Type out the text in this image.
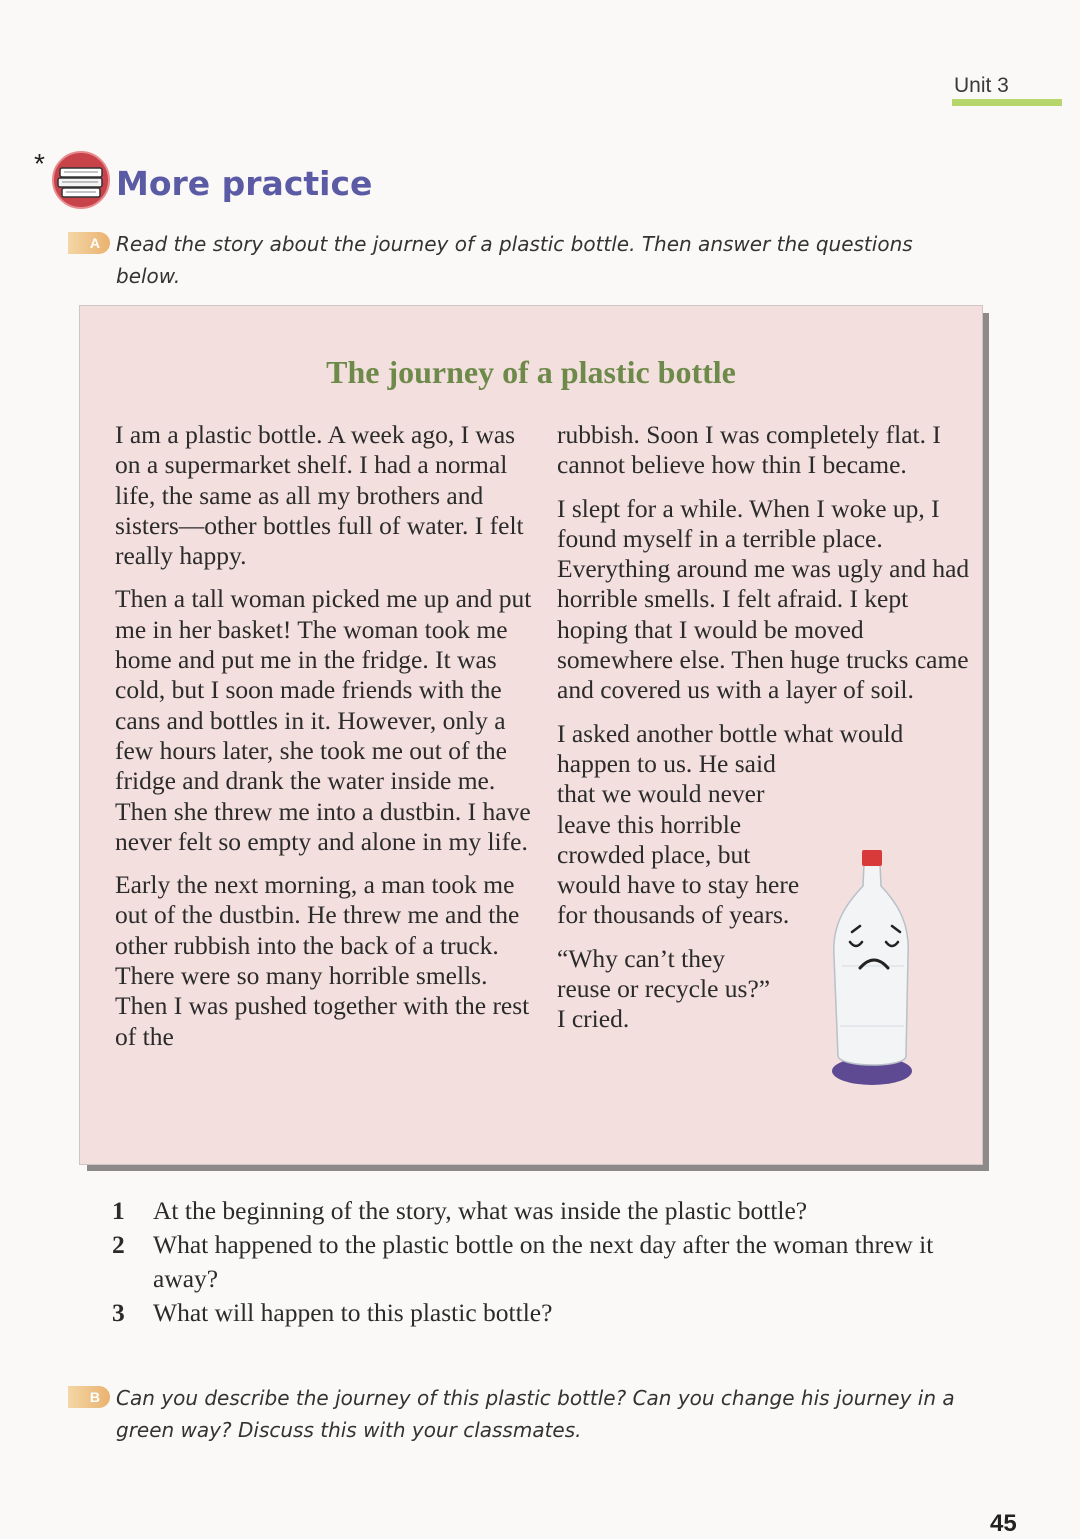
Unit 3
*
More practice
A Read the story about the journey of a plastic bottle. Then answer the questions below.
The journey of a plastic bottle

I am a plastic bottle. A week ago, I was on a supermarket shelf. I had a normal life, the same as all my brothers and sisters—other bottles full of water. I felt really happy.

Then a tall woman picked me up and put me in her basket! The woman took me home and put me in the fridge. It was cold, but I soon made friends with the cans and bottles in it. However, only a few hours later, she took me out of the fridge and drank the water inside me. Then she threw me into a dustbin. I have never felt so empty and alone in my life.

Early the next morning, a man took me out of the dustbin. He threw me and the other rubbish into the back of a truck. There were so many horrible smells. Then I was pushed together with the rest of the

rubbish. Soon I was completely flat. I cannot believe how thin I became.

I slept for a while. When I woke up, I found myself in a terrible place. Everything around me was ugly and had horrible smells. I felt afraid. I kept hoping that I would be moved somewhere else. Then huge trucks came and covered us with a layer of soil.

I asked another bottle what would
happen to us. He said that we would never leave this horrible crowded place, but would have to stay here for thousands of years.

“Why can’t they reuse or recycle us?” I cried.

1	At the beginning of the story, what was inside the plastic bottle?
2	What happened to the plastic bottle on the next day after the woman threw it away?
3	What will happen to this plastic bottle?
B Can you describe the journey of this plastic bottle? Can you change his journey in a green way? Discuss this with your classmates.
45
